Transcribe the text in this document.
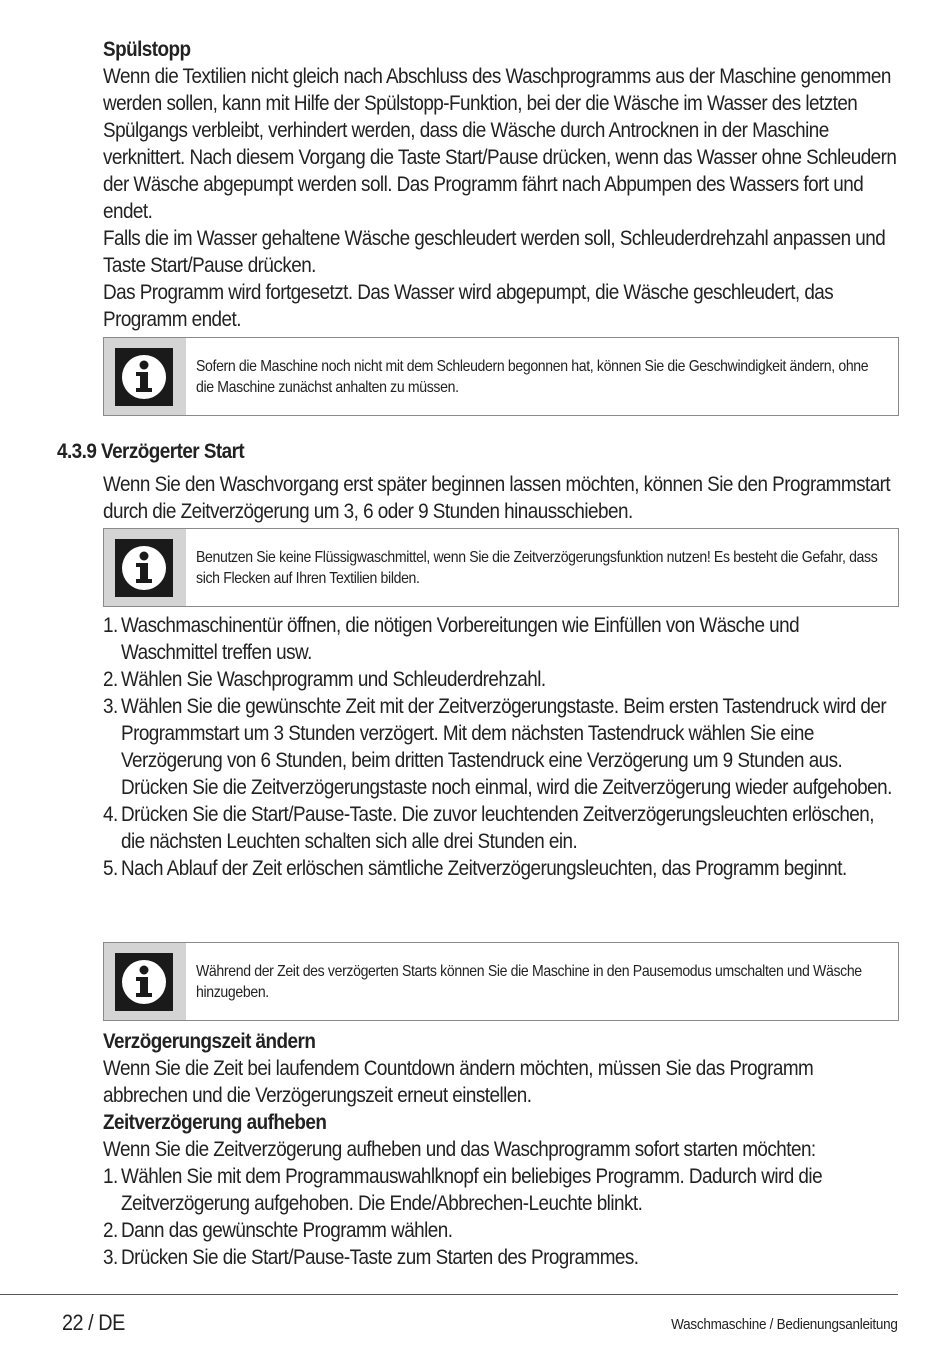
Spülstopp

Wenn die Textilien nicht gleich nach Abschluss des Waschprogramms aus der Maschine genommen werden sollen, kann mit Hilfe der Spülstopp-Funktion, bei der die Wäsche im Wasser des letzten Spülgangs verbleibt, verhindert werden, dass die Wäsche durch Antrocknen in der Maschine verknittert. Nach diesem Vorgang die Taste Start/Pause drücken, wenn das Wasser ohne Schleudern der Wäsche abgepumpt werden soll. Das Programm fährt nach Abpumpen des Wassers fort und endet.

Falls die im Wasser gehaltene Wäsche geschleudert werden soll, Schleuderdrehzahl anpassen und Taste Start/Pause drücken.

Das Programm wird fortgesetzt. Das Wasser wird abgepumpt, die Wäsche geschleudert, das Programm endet.

Sofern die Maschine noch nicht mit dem Schleudern begonnen hat, können Sie die Geschwindigkeit ändern, ohne die Maschine zunächst anhalten zu müssen.
4.3.9 Verzögerter Start
Wenn Sie den Waschvorgang erst später beginnen lassen möchten, können Sie den Programmstart durch die Zeitverzögerung um 3, 6 oder 9 Stunden hinausschieben.
Benutzen Sie keine Flüssigwaschmittel, wenn Sie die Zeitverzögerungsfunktion nutzen! Es besteht die Gefahr, dass sich Flecken auf Ihren Textilien bilden.
1. Waschmaschinentür öffnen, die nötigen Vorbereitungen wie Einfüllen von Wäsche und Waschmittel treffen usw.
2. Wählen Sie Waschprogramm und Schleuderdrehzahl.
3. Wählen Sie die gewünschte Zeit mit der Zeitverzögerungstaste. Beim ersten Tastendruck wird der Programmstart um 3 Stunden verzögert. Mit dem nächsten Tastendruck wählen Sie eine Verzögerung von 6 Stunden, beim dritten Tastendruck eine Verzögerung um 9 Stunden aus. Drücken Sie die Zeitverzögerungstaste noch einmal, wird die Zeitverzögerung wieder aufgehoben.
4. Drücken Sie die Start/Pause-Taste. Die zuvor leuchtenden Zeitverzögerungsleuchten erlöschen, die nächsten Leuchten schalten sich alle drei Stunden ein.
5. Nach Ablauf der Zeit erlöschen sämtliche Zeitverzögerungsleuchten, das Programm beginnt.
Während der Zeit des verzögerten Starts können Sie die Maschine in den Pausemodus umschalten und Wäsche hinzugeben.

Verzögerungszeit ändern

Wenn Sie die Zeit bei laufendem Countdown ändern möchten, müssen Sie das Programm abbrechen und die Verzögerungszeit erneut einstellen.

Zeitverzögerung aufheben

Wenn Sie die Zeitverzögerung aufheben und das Waschprogramm sofort starten möchten:

1. Wählen Sie mit dem Programmauswahlknopf ein beliebiges Programm. Dadurch wird die Zeitverzögerung aufgehoben. Die Ende/Abbrechen-Leuchte blinkt.
2. Dann das gewünschte Programm wählen.
3. Drücken Sie die Start/Pause-Taste zum Starten des Programmes.
22 / DE	Waschmaschine / Bedienungsanleitung
